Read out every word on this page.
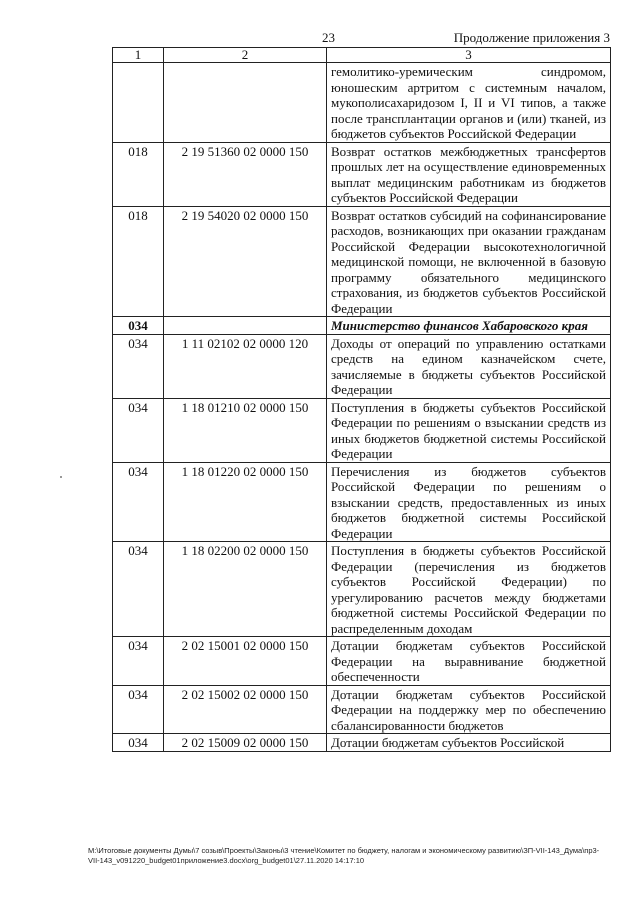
23	Продолжение приложения 3
1	2	3
		гемолитико-уремическим синдромом, юношеским артритом с системным началом, мукополисахаридозом I, II и VI типов, а также после трансплантации органов и (или) тканей, из бюджетов субъектов Российской Федерации
018	2 19 51360 02 0000 150	Возврат остатков межбюджетных трансфертов прошлых лет на осуществление единовременных выплат медицинским работникам из бюджетов субъектов Российской Федерации
018	2 19 54020 02 0000 150	Возврат остатков субсидий на софинансирование расходов, возникающих при оказании гражданам Российской Федерации высокотехнологичной медицинской помощи, не включенной в базовую программу обязательного медицинского страхования, из бюджетов субъектов Российской Федерации
034		Министерство финансов Хабаровского края
034	1 11 02102 02 0000 120	Доходы от операций по управлению остатками средств на едином казначейском счете, зачисляемые в бюджеты субъектов Российской Федерации
034	1 18 01210 02 0000 150	Поступления в бюджеты субъектов Российской Федерации по решениям о взыскании средств из иных бюджетов бюджетной системы Российской Федерации
034	1 18 01220 02 0000 150	Перечисления из бюджетов субъектов Российской Федерации по решениям о взыскании средств, предоставленных из иных бюджетов бюджетной системы Российской Федерации
034	1 18 02200 02 0000 150	Поступления в бюджеты субъектов Российской Федерации (перечисления из бюджетов субъектов Российской Федерации) по урегулированию расчетов между бюджетами бюджетной системы Российской Федерации по распределенным доходам
034	2 02 15001 02 0000 150	Дотации бюджетам субъектов Российской Федерации на выравнивание бюджетной обеспеченности
034	2 02 15002 02 0000 150	Дотации бюджетам субъектов Российской Федерации на поддержку мер по обеспечению сбалансированности бюджетов
034	2 02 15009 02 0000 150	Дотации бюджетам субъектов Российской
М:\Итоговые документы Думы\7 созыв\Проекты\Законы\3 чтение\Комитет по бюджету, налогам и экономическому развитию\ЗП-VII-143_Дума\пр3-VII-143_v091220_budget01приложение3.docx\org_budget01\27.11.2020 14:17:10
